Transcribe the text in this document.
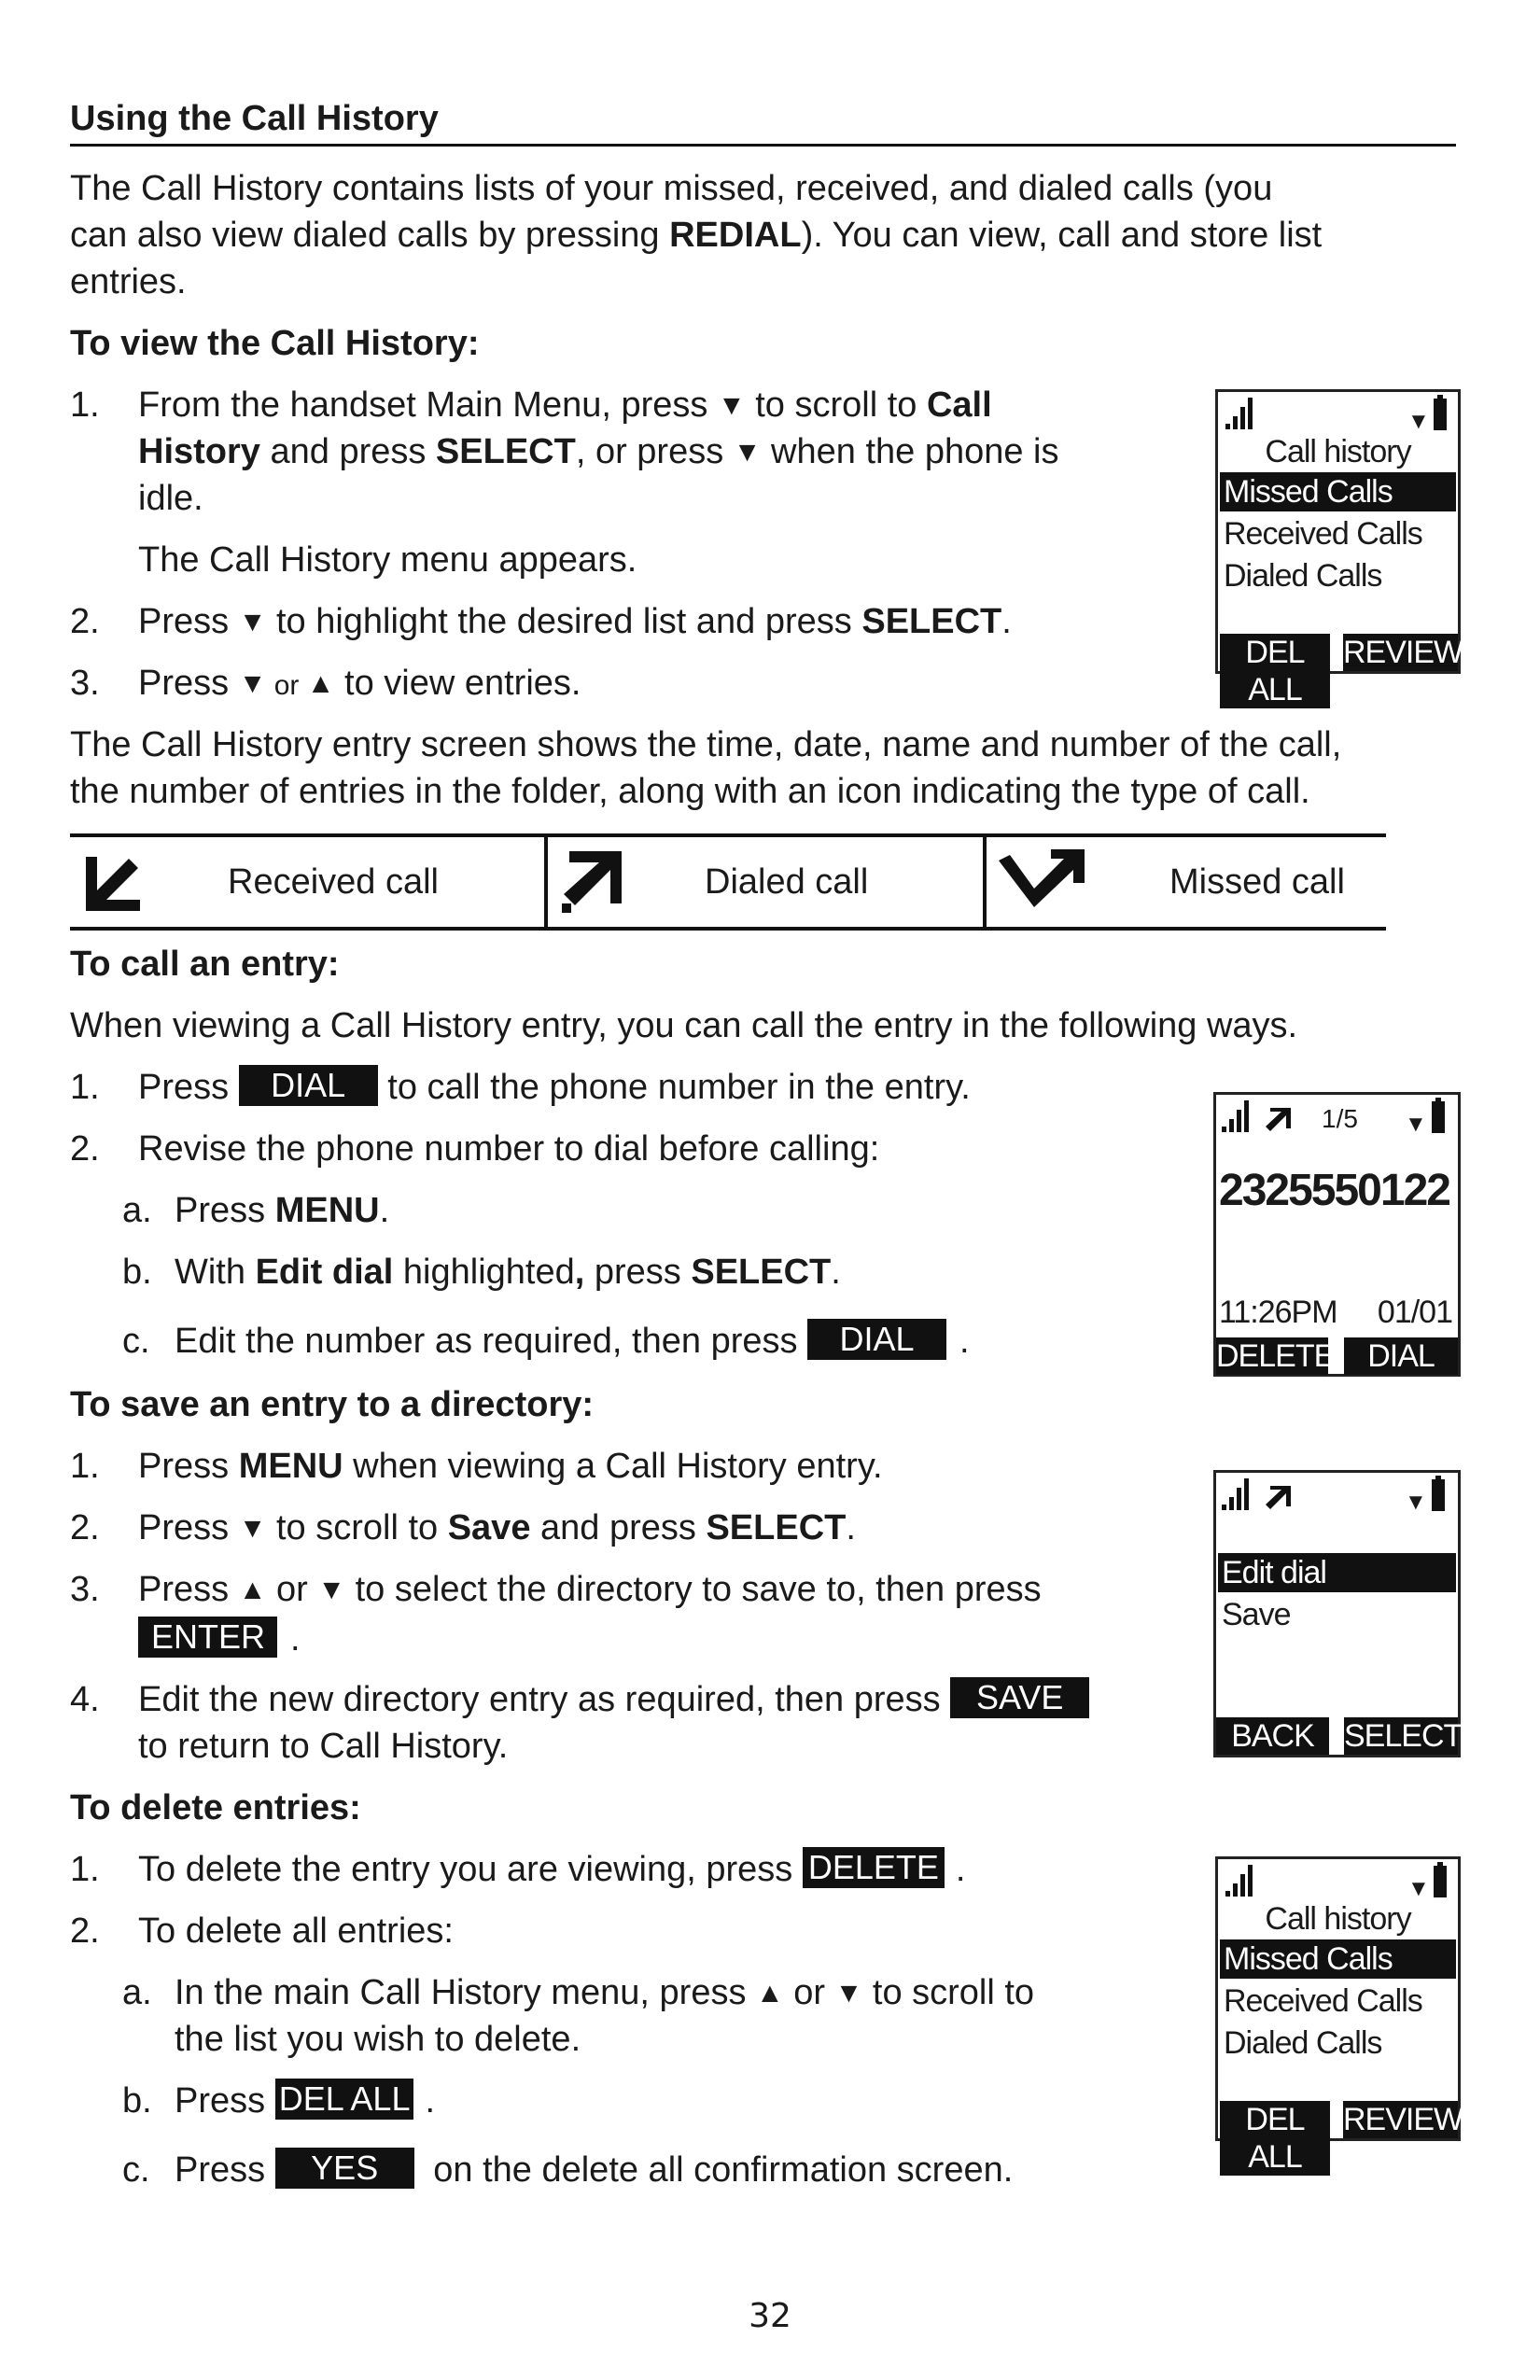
Using the Call History
The Call History contains lists of your missed, received, and dialed calls (you
can also view dialed calls by pressing REDIAL). You can view, call and store list
entries.
To view the Call History:
1. From the handset Main Menu, press ▼ to scroll to Call
History and press SELECT, or press ▼ when the phone is
idle.
The Call History menu appears.
2. Press ▼ to highlight the desired list and press SELECT.
3. Press ▼ or ▲ to view entries.
The Call History entry screen shows the time, date, name and number of the call,
the number of entries in the folder, along with an icon indicating the type of call.
▼
Call history
Missed Calls
Received Calls
Dialed Calls
DEL ALL
REVIEW
Received call	Dialed call	Missed call
To call an entry:
When viewing a Call History entry, you can call the entry in the following ways.
1. Press DIAL to call the phone number in the entry.
2. Revise the phone number to dial before calling:
a. Press MENU.
b. With Edit dial highlighted, press SELECT.
c. Edit the number as required, then press DIAL .
1/5 ▼
2325550122
11:26PM 01/01
DELETE	DIAL
To save an entry to a directory:
1. Press MENU when viewing a Call History entry.
2. Press ▼ to scroll to Save and press SELECT.
3. Press ▲ or ▼ to select the directory to save to, then press
ENTER .
4. Edit the new directory entry as required, then press SAVE
to return to Call History.
▼
Edit dial
Save
BACK SELECT
To delete entries:
1. To delete the entry you are viewing, press DELETE .
2. To delete all entries:
a. In the main Call History menu, press ▲ or ▼ to scroll to
the list you wish to delete.
b. Press DEL ALL .
c. Press YES on the delete all confirmation screen.
▼
Call history
Missed Calls
Received Calls
Dialed Calls
DEL ALL
REVIEW
32
